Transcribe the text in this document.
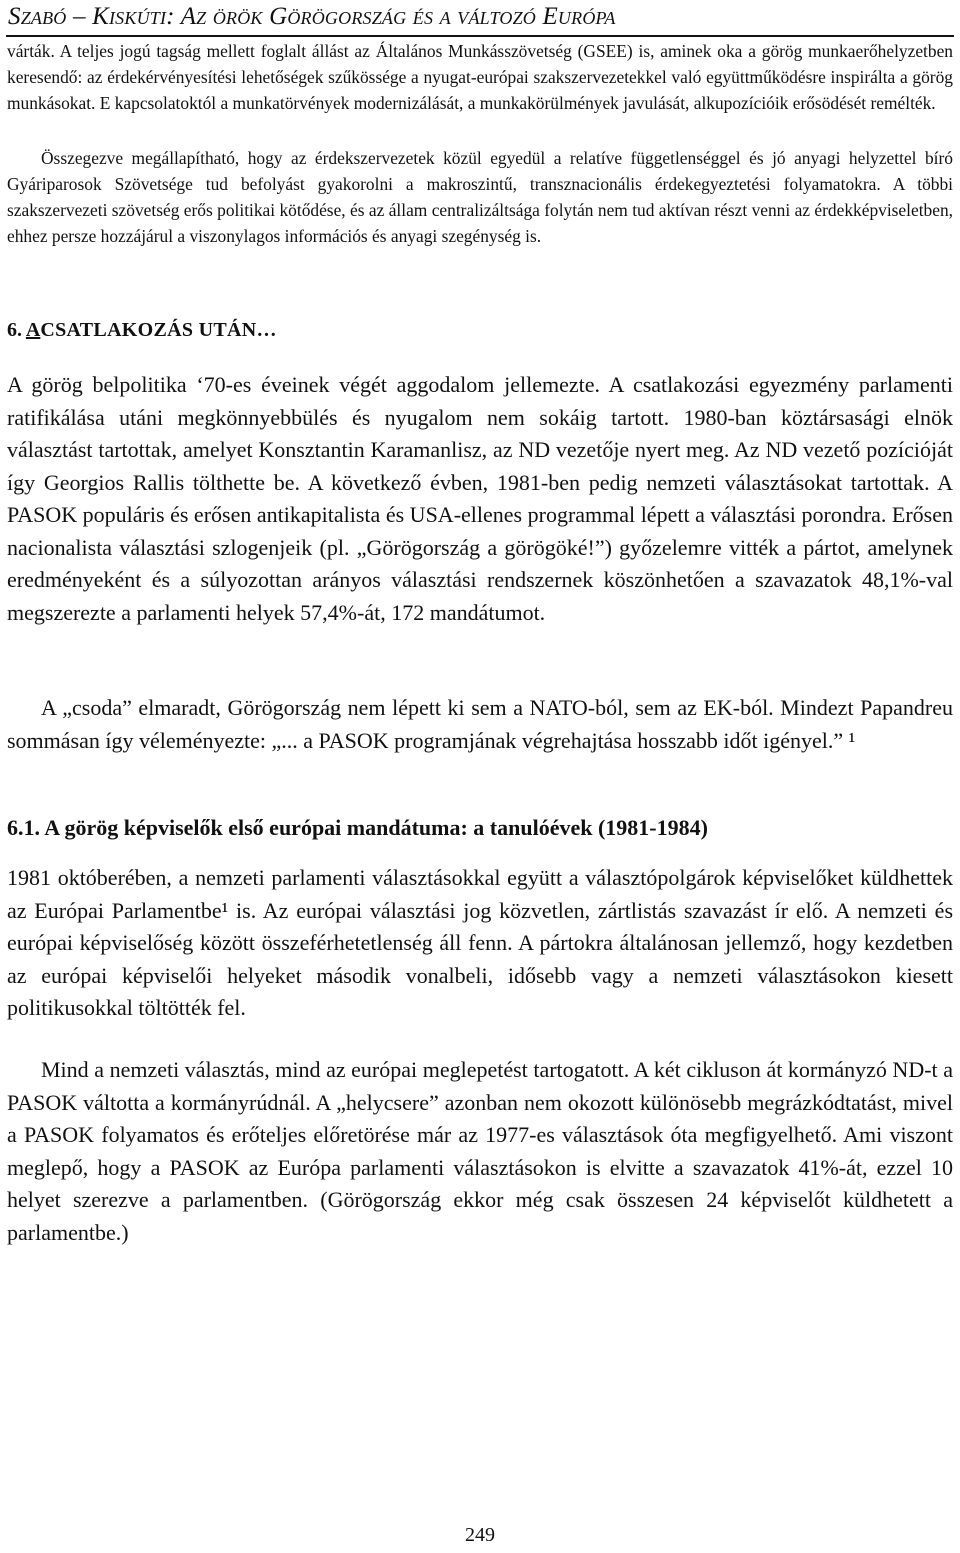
Szabó – Kiskúti: Az örök Görögország és a változó Európa

várták. A teljes jogú tagság mellett foglalt állást az Általános Munkásszövetség (GSEE) is, aminek oka a görög munkaerőhelyzetben keresendő: az érdekérvényesítési lehetőségek szűkössége a nyugat-európai szakszervezetekkel való együttműködésre inspirálta a görög munkásokat. E kapcsolatoktól a munkatörvények modernizálását, a munkakörülmények javulását, alkupozícióik erősödését remélték.

Összegezve megállapítható, hogy az érdekszervezetek közül egyedül a relatíve függetlenséggel és jó anyagi helyzettel bíró Gyáriparosok Szövetsége tud befolyást gyakorolni a makroszintű, transznacionális érdekegyeztetési folyamatokra. A többi szakszervezeti szövetség erős politikai kötődése, és az állam centralizáltsága folytán nem tud aktívan részt venni az érdekképviseletben, ehhez persze hozzájárul a viszonylagos információs és anyagi szegénység is.

6. ACSATLAKOZÁS UTÁN…

A görög belpolitika ‘70-es éveinek végét aggodalom jellemezte. A csatlakozási egyezmény parlamenti ratifikálása utáni megkönnyebbülés és nyugalom nem sokáig tartott. 1980-ban köztársasági elnök választást tartottak, amelyet Konsztantin Karamanlisz, az ND vezetője nyert meg. Az ND vezető pozícióját így Georgios Rallis tölthette be. A következő évben, 1981-ben pedig nemzeti választásokat tartottak. A PASOK populáris és erősen antikapitalista és USA-ellenes programmal lépett a választási porondra. Erősen nacionalista választási szlogenjeik (pl. „Görögország a görögöké!”) győzelemre vitték a pártot, amelynek eredményeként és a súlyozottan arányos választási rendszernek köszönhetően a szavazatok 48,1%-val megszerezte a parlamenti helyek 57,4%-át, 172 mandátumot.

A „csoda” elmaradt, Görögország nem lépett ki sem a NATO-ból, sem az EK-ból. Mindezt Papandreu sommásan így véleményezte: „... a PASOK programjának végrehajtása hosszabb időt igényel.” ¹

6.1. A görög képviselők első európai mandátuma: a tanulóévek (1981-1984)

1981 októberében, a nemzeti parlamenti választásokkal együtt a választópolgárok képviselőket küldhettek az Európai Parlamentbe¹ is. Az európai választási jog közvetlen, zártlistás szavazást ír elő. A nemzeti és európai képviselőség között összeférhetetlenség áll fenn. A pártokra általánosan jellemző, hogy kezdetben az európai képviselői helyeket második vonalbeli, idősebb vagy a nemzeti választásokon kiesett politikusokkal töltötték fel.

Mind a nemzeti választás, mind az európai meglepetést tartogatott. A két cikluson át kormányzó ND-t a PASOK váltotta a kormányrúdnál. A „helycsere” azonban nem okozott különösebb megrázkódtatást, mivel a PASOK folyamatos és erőteljes előretörése már az 1977-es választások óta megfigyelhető. Ami viszont meglepő, hogy a PASOK az Európa parlamenti választásokon is elvitte a szavazatok 41%-át, ezzel 10 helyet szerezve a parlamentben. (Görögország ekkor még csak összesen 24 képviselőt küldhetett a parlamentbe.)

249
